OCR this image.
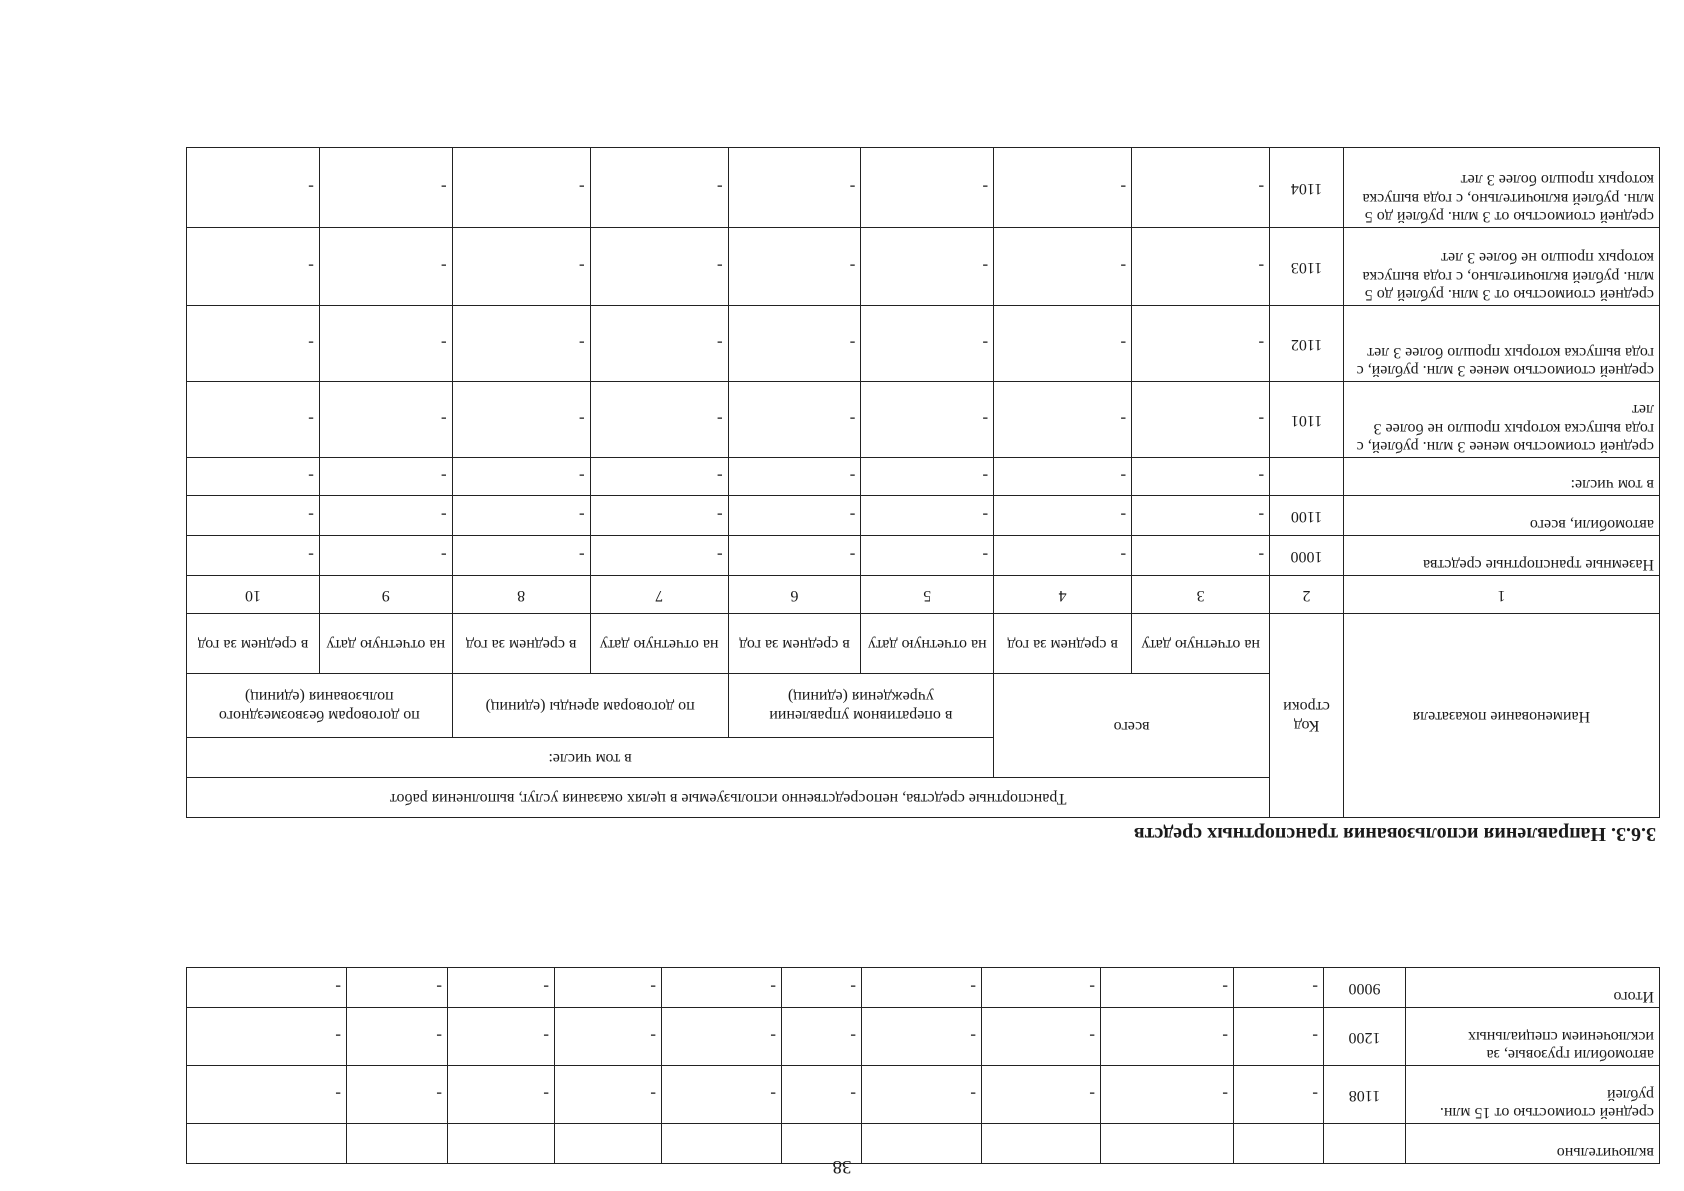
38
включительно											
средней стоимостью от 15 млн. рублей	1108	-	-	-	-	-	-	-	-	-	-
автомобили грузовые, за исключением специальных	1200	-	-	-	-	-	-	-	-	-	-
Итого	9000	-	-	-	-	-	-	-	-	-	-
3.6.3. Направления использования транспортных средств
Наименование показателя	Код строки	Транспортные средства, непосредственно используемые в целях оказания услуг, выполнения работ							
		всего		в том числе:					
				в оперативном управлении учреждения (единиц)		по договорам аренды (единиц)		по договорам безвозмездного пользования (единиц)	
		на отчетную дату	в среднем за год	на отчетную дату	в среднем за год	на отчетную дату	в среднем за год	на отчетную дату	в среднем за год
1	2	3	4	5	6	7	8	9	10
Наземные транспортные средства	1000	-	-	-	-	-	-	-	-
автомобили, всего	1100	-	-	-	-	-	-	-	-
в том числе:		-	-	-	-	-	-	-	-
средней стоимостью менее 3 млн. рублей, с года выпуска которых прошло не более 3 лет	1101	-	-	-	-	-	-	-	-
средней стоимостью менее 3 млн. рублей, с года выпуска которых прошло более 3 лет	1102	-	-	-	-	-	-	-	-
средней стоимостью от 3 млн. рублей до 5 млн. рублей включительно, с года выпуска которых прошло не более 3 лет	1103	-	-	-	-	-	-	-	-
средней стоимостью от 3 млн. рублей до 5 млн. рублей включительно, с года выпуска которых прошло более 3 лет	1104	-	-	-	-	-	-	-	-
